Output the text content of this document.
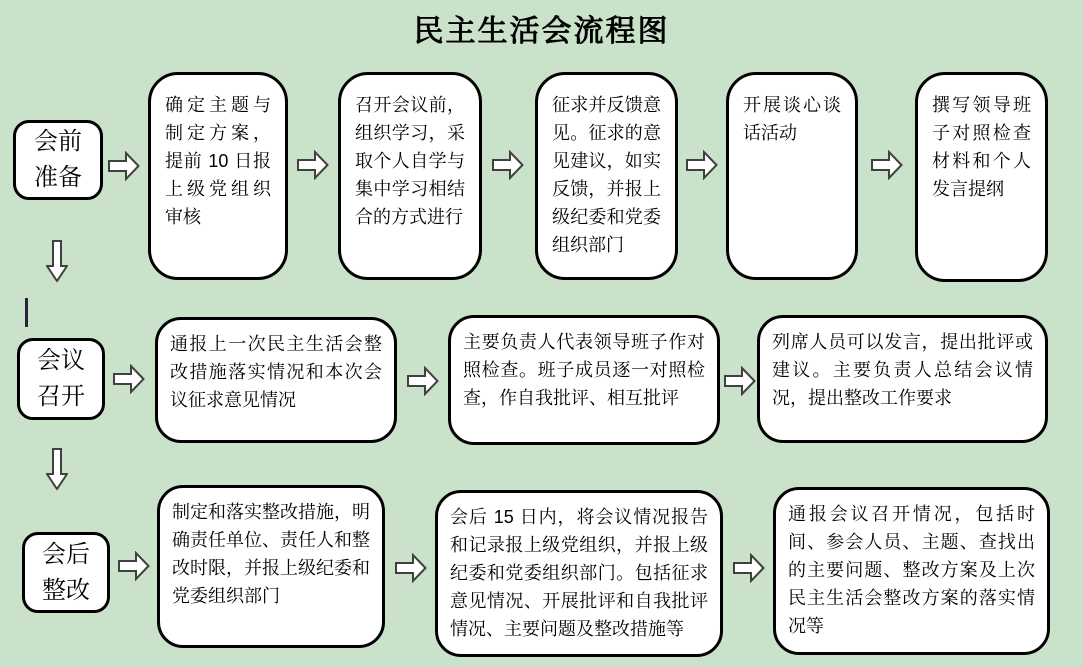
民主生活会流程图
会前准备
确定主题与制定方案，提前 10 日报上级党组织审核
召开会议前，组织学习，采取个人自学与集中学习相结合的方式进行
征求并反馈意见。征求的意见建议，如实反馈，并报上级纪委和党委组织部门
开展谈心谈话活动
撰写领导班子对照检查材料和个人发言提纲
会议召开
通报上一次民主生活会整改措施落实情况和本次会议征求意见情况
主要负责人代表领导班子作对照检查。班子成员逐一对照检查，作自我批评、相互批评
列席人员可以发言，提出批评或建议。主要负责人总结会议情况，提出整改工作要求
会后整改
制定和落实整改措施，明确责任单位、责任人和整改时限，并报上级纪委和党委组织部门
会后 15 日内，将会议情况报告和记录报上级党组织，并报上级纪委和党委组织部门。包括征求意见情况、开展批评和自我批评情况、主要问题及整改措施等
通报会议召开情况，包括时间、参会人员、主题、查找出的主要问题、整改方案及上次民主生活会整改方案的落实情况等
